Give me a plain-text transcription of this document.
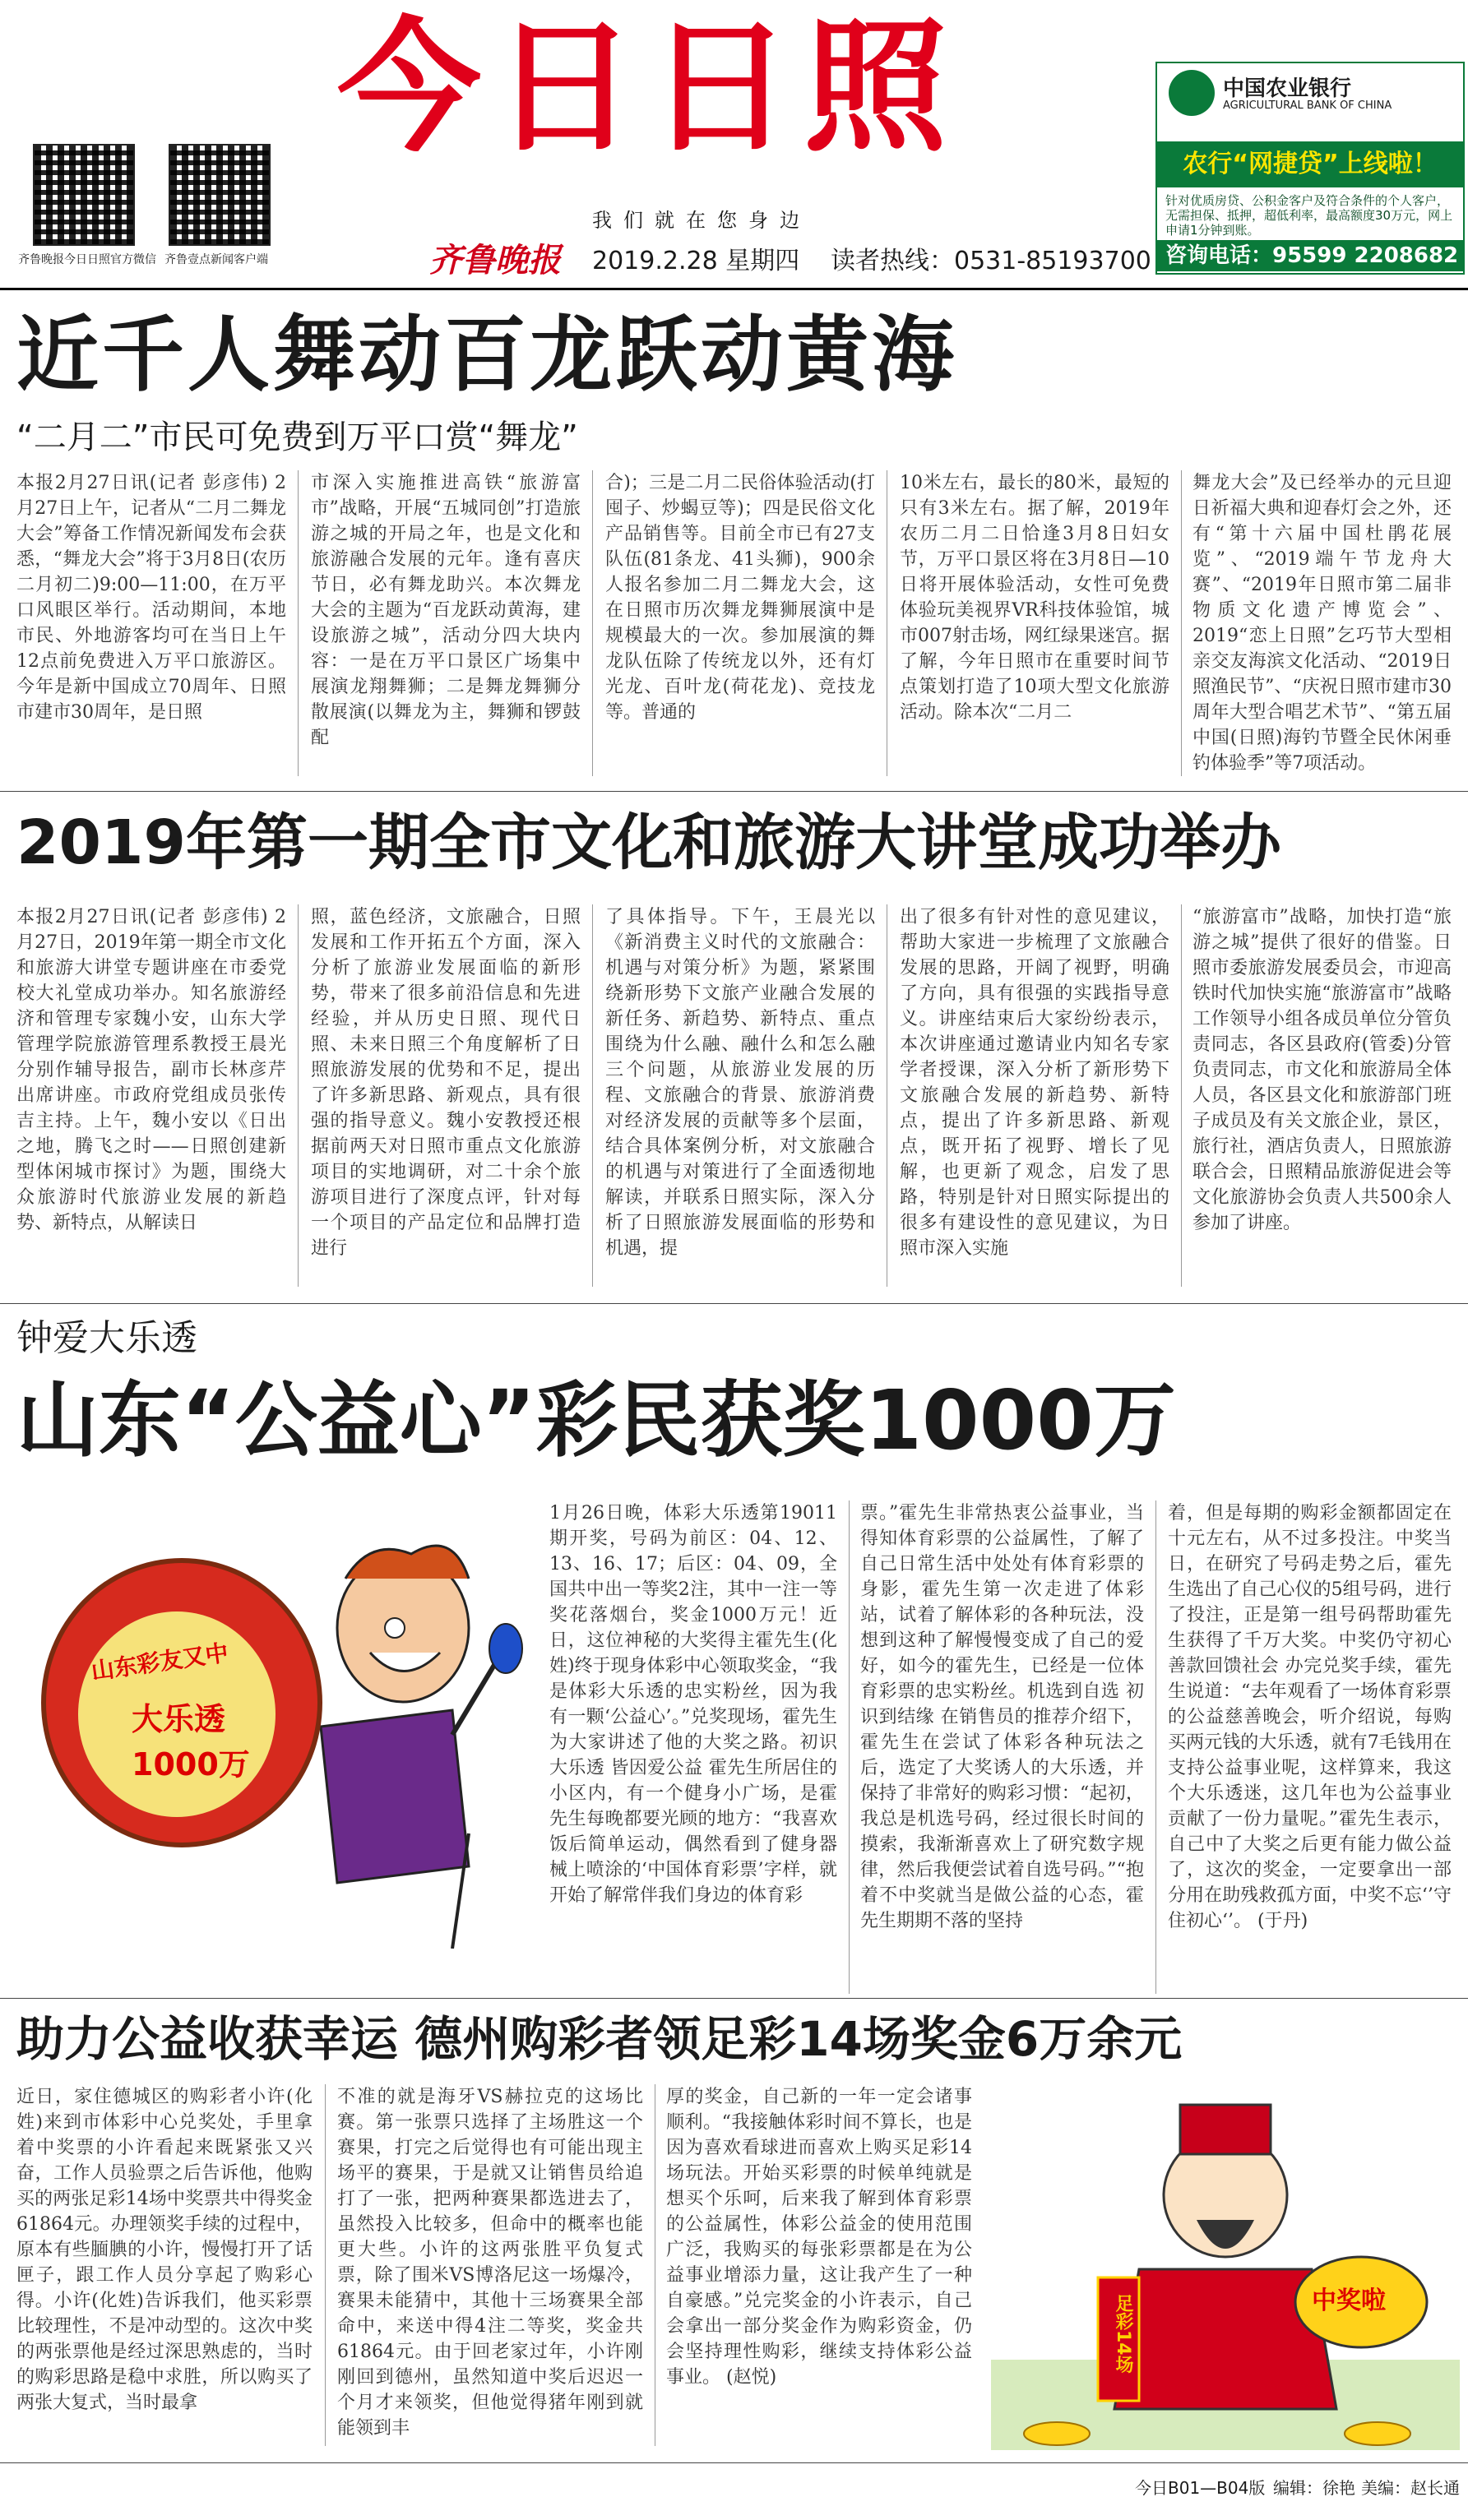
齐鲁晚报今日日照官方微信 齐鲁壹点新闻客户端
今日日照
我们就在您身边
齐鲁晚报 2019.2.28 星期四 读者热线：0531-85193700
中国农业银行
AGRICULTURAL BANK OF CHINA
农行“网捷贷”上线啦！
针对优质房贷、公积金客户及符合条件的个人客户，无需担保、抵押，超低利率，最高额度30万元，网上申请1分钟到账。
咨询电话：95599 2208682
近千人舞动百龙跃动黄海
“二月二”市民可免费到万平口赏“舞龙”
本报2月27日讯(记者 彭彦伟) 2月27日上午，记者从“二月二舞龙大会”筹备工作情况新闻发布会获悉，“舞龙大会”将于3月8日(农历二月初二)9:00—11:00，在万平口风眼区举行。活动期间，本地市民、外地游客均可在当日上午12点前免费进入万平口旅游区。今年是新中国成立70周年、日照市建市30周年，是日照
市深入实施推进高铁“旅游富市”战略，开展“五城同创”打造旅游之城的开局之年，也是文化和旅游融合发展的元年。逢有喜庆节日，必有舞龙助兴。本次舞龙大会的主题为“百龙跃动黄海，建设旅游之城”，活动分四大块内容：一是在万平口景区广场集中展演龙翔舞狮；二是舞龙舞狮分散展演(以舞龙为主，舞狮和锣鼓配
合)；三是二月二民俗体验活动(打囤子、炒蝎豆等)；四是民俗文化产品销售等。目前全市已有27支队伍(81条龙、41头狮)，900余人报名参加二月二舞龙大会，这在日照市历次舞龙舞狮展演中是规模最大的一次。参加展演的舞龙队伍除了传统龙以外，还有灯光龙、百叶龙(荷花龙)、竞技龙等。普通的
10米左右，最长的80米，最短的只有3米左右。据了解，2019年农历二月二日恰逢3月8日妇女节，万平口景区将在3月8日—10日将开展体验活动，女性可免费体验玩美视界VR科技体验馆，城市007射击场，网红绿果迷宫。据了解，今年日照市在重要时间节点策划打造了10项大型文化旅游活动。除本次“二月二
舞龙大会”及已经举办的元旦迎日祈福大典和迎春灯会之外，还有“第十六届中国杜鹃花展览”、“2019端午节龙舟大赛”、“2019年日照市第二届非物质文化遗产博览会”、2019“恋上日照”乞巧节大型相亲交友海滨文化活动、“2019日照渔民节”、“庆祝日照市建市30周年大型合唱艺术节”、“第五届中国(日照)海钓节暨全民休闲垂钓体验季”等7项活动。
2019年第一期全市文化和旅游大讲堂成功举办
本报2月27日讯(记者 彭彦伟) 2月27日，2019年第一期全市文化和旅游大讲堂专题讲座在市委党校大礼堂成功举办。知名旅游经济和管理专家魏小安，山东大学管理学院旅游管理系教授王晨光分别作辅导报告，副市长林彦芹出席讲座。市政府党组成员张传吉主持。上午，魏小安以《日出之地，腾飞之时——日照创建新型体闲城市探讨》为题，围绕大众旅游时代旅游业发展的新趋势、新特点，从解读日
照，蓝色经济，文旅融合，日照发展和工作开拓五个方面，深入分析了旅游业发展面临的新形势，带来了很多前沿信息和先进经验，并从历史日照、现代日照、未来日照三个角度解析了日照旅游发展的优势和不足，提出了许多新思路、新观点，具有很强的指导意义。魏小安教授还根据前两天对日照市重点文化旅游项目的实地调研，对二十余个旅游项目进行了深度点评，针对每一个项目的产品定位和品牌打造进行
了具体指导。下午，王晨光以《新消费主义时代的文旅融合：机遇与对策分析》为题，紧紧围绕新形势下文旅产业融合发展的新任务、新趋势、新特点、重点围绕为什么融、融什么和怎么融三个问题，从旅游业发展的历程、文旅融合的背景、旅游消费对经济发展的贡献等多个层面，结合具体案例分析，对文旅融合的机遇与对策进行了全面透彻地解读，并联系日照实际，深入分析了日照旅游发展面临的形势和机遇，提
出了很多有针对性的意见建议，帮助大家进一步梳理了文旅融合发展的思路，开阔了视野，明确了方向，具有很强的实践指导意义。讲座结束后大家纷纷表示，本次讲座通过邀请业内知名专家学者授课，深入分析了新形势下文旅融合发展的新趋势、新特点，提出了许多新思路、新观点，既开拓了视野、增长了见解，也更新了观念，启发了思路，特别是针对日照实际提出的很多有建设性的意见建议，为日照市深入实施
“旅游富市”战略，加快打造“旅游之城”提供了很好的借鉴。日照市委旅游发展委员会，市迎高铁时代加快实施“旅游富市”战略工作领导小组各成员单位分管负责同志，各区县政府(管委)分管负责同志，市文化和旅游局全体人员，各区县文化和旅游部门班子成员及有关文旅企业，景区，旅行社，酒店负责人，日照旅游联合会，日照精品旅游促进会等文化旅游协会负责人共500余人参加了讲座。
钟爱大乐透
山东“公益心”彩民获奖1000万
山东彩友又中
大乐透
1000万
1月26日晚，体彩大乐透第19011期开奖，号码为前区：04、12、13、16、17；后区：04、09，全国共中出一等奖2注，其中一注一等奖花落烟台，奖金1000万元！近日，这位神秘的大奖得主霍先生(化姓)终于现身体彩中心领取奖金，“我是体彩大乐透的忠实粉丝，因为我有一颗‘公益心’。”兑奖现场，霍先生为大家讲述了他的大奖之路。初识大乐透 皆因爱公益 霍先生所居住的小区内，有一个健身小广场，是霍先生每晚都要光顾的地方：“我喜欢饭后简单运动，偶然看到了健身器械上喷涂的‘中国体育彩票’字样，就开始了解常伴我们身边的体育彩
票。”霍先生非常热衷公益事业，当得知体育彩票的公益属性，了解了自己日常生活中处处有体育彩票的身影，霍先生第一次走进了体彩站，试着了解体彩的各种玩法，没想到这种了解慢慢变成了自己的爱好，如今的霍先生，已经是一位体育彩票的忠实粉丝。机选到自选 初识到结缘 在销售员的推荐介绍下，霍先生在尝试了体彩各种玩法之后，选定了大奖诱人的大乐透，并保持了非常好的购彩习惯：“起初，我总是机选号码，经过很长时间的摸索，我渐渐喜欢上了研究数字规律，然后我便尝试着自选号码。”“抱着不中奖就当是做公益的心态，霍先生期期不落的坚持
着，但是每期的购彩金额都固定在十元左右，从不过多投注。中奖当日，在研究了号码走势之后，霍先生选出了自己心仪的5组号码，进行了投注，正是第一组号码帮助霍先生获得了千万大奖。中奖仍守初心 善款回馈社会 办完兑奖手续，霍先生说道：“去年观看了一场体育彩票的公益慈善晚会，听介绍说，每购买两元钱的大乐透，就有7毛钱用在支持公益事业呢，这样算来，我这个大乐透迷，这几年也为公益事业贡献了一份力量呢。”霍先生表示，自己中了大奖之后更有能力做公益了，这次的奖金，一定要拿出一部分用在助残救孤方面，中奖不忘‘’守住初心‘’。 (于丹)
助力公益收获幸运 德州购彩者领足彩14场奖金6万余元
近日，家住德城区的购彩者小许(化姓)来到市体彩中心兑奖处，手里拿着中奖票的小许看起来既紧张又兴奋，工作人员验票之后告诉他，他购买的两张足彩14场中奖票共中得奖金61864元。办理领奖手续的过程中，原本有些腼腆的小许，慢慢打开了话匣子，跟工作人员分享起了购彩心得。小许(化姓)告诉我们，他买彩票比较理性，不是冲动型的。这次中奖的两张票他是经过深思熟虑的，当时的购彩思路是稳中求胜，所以购买了两张大复式，当时最拿
不准的就是海牙VS赫拉克的这场比赛。第一张票只选择了主场胜这一个赛果，打完之后觉得也有可能出现主场平的赛果，于是就又让销售员给追打了一张，把两种赛果都选进去了，虽然投入比较多，但命中的概率也能更大些。小许的这两张胜平负复式票，除了围米VS博洛尼这一场爆冷，赛果未能猜中，其他十三场赛果全部命中，来送中得4注二等奖，奖金共61864元。由于回老家过年，小许刚刚回到德州，虽然知道中奖后迟迟一个月才来领奖，但他觉得猪年刚到就能领到丰
厚的奖金，自己新的一年一定会诸事顺利。“我接触体彩时间不算长，也是因为喜欢看球进而喜欢上购买足彩14场玩法。开始买彩票的时候单纯就是想买个乐呵，后来我了解到体育彩票的公益属性，体彩公益金的使用范围广泛，我购买的每张彩票都是在为公益事业增添力量，这让我产生了一种自豪感。”兑完奖金的小许表示，自己会拿出一部分奖金作为购彩资金，仍会坚持理性购彩，继续支持体彩公益事业。 (赵悦)
中奖啦
足彩14场
今日B01—B04版 编辑：徐艳 美编：赵长通
